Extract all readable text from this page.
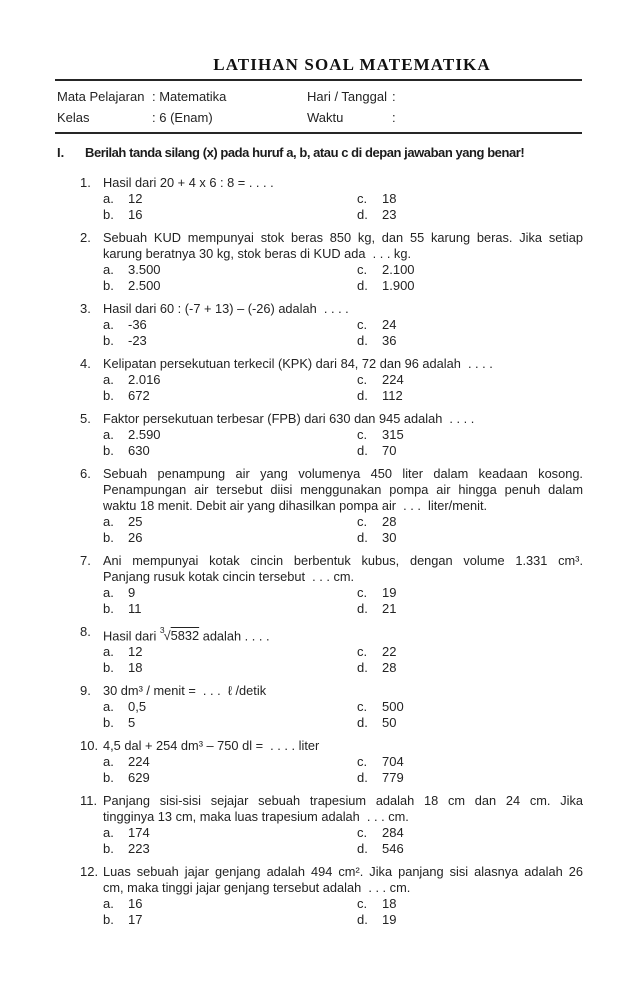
LATIHAN SOAL MATEMATIKA
Mata Pelajaran : Matematika	Hari / Tanggal :
Kelas	: 6 (Enam)	Waktu	:
I.	Berilah tanda silang (x) pada huruf a, b, atau c di depan jawaban yang benar!
1. Hasil dari 20 + 4 x 6 : 8 = . . . .
a. 12	c. 18
b. 16	d. 23
2. Sebuah KUD mempunyai stok beras 850 kg, dan 55 karung beras. Jika setiap
karung beratnya 30 kg, stok beras di KUD ada  . . . kg.
a. 3.500	c. 2.100
b. 2.500	d. 1.900
3. Hasil dari 60 : (-7 + 13) – (-26) adalah  . . . .
a. -36	c. 24
b. -23	d. 36
4. Kelipatan persekutuan terkecil (KPK) dari 84, 72 dan 96 adalah  . . . .
a. 2.016	c. 224
b. 672	d. 112
5. Faktor persekutuan terbesar (FPB) dari 630 dan 945 adalah  . . . .
a. 2.590	c. 315
b. 630	d. 70
6. Sebuah penampung air yang volumenya 450 liter dalam keadaan kosong.
Penampungan air tersebut diisi menggunakan pompa air hingga penuh dalam
waktu 18 menit. Debit air yang dihasilkan pompa air  . . .  liter/menit.
a. 25	c. 28
b. 26	d. 30
7. Ani mempunyai kotak cincin berbentuk kubus, dengan volume 1.331 cm³.
Panjang rusuk kotak cincin tersebut  . . . cm.
a. 9	c. 19
b. 11	d. 21
8. Hasil dari $^3$√5832 adalah . . . .
a. 12	c. 22
b. 18	d. 28
9. 30 dm³ / menit =  . . .  ℓ /detik
a. 0,5	c. 500
b. 5	d. 50
10. 4,5 dal + 254 dm³ – 750 dl =  . . . . liter
a. 224	c. 704
b. 629	d. 779
11. Panjang sisi-sisi sejajar sebuah trapesium adalah 18 cm dan 24 cm. Jika
tingginya 13 cm, maka luas trapesium adalah  . . . cm.
a. 174	c. 284
b. 223	d. 546
12. Luas sebuah jajar genjang adalah 494 cm². Jika panjang sisi alasnya adalah 26
cm, maka tinggi jajar genjang tersebut adalah  . . . cm.
a. 16	c. 18
b. 17	d. 19
